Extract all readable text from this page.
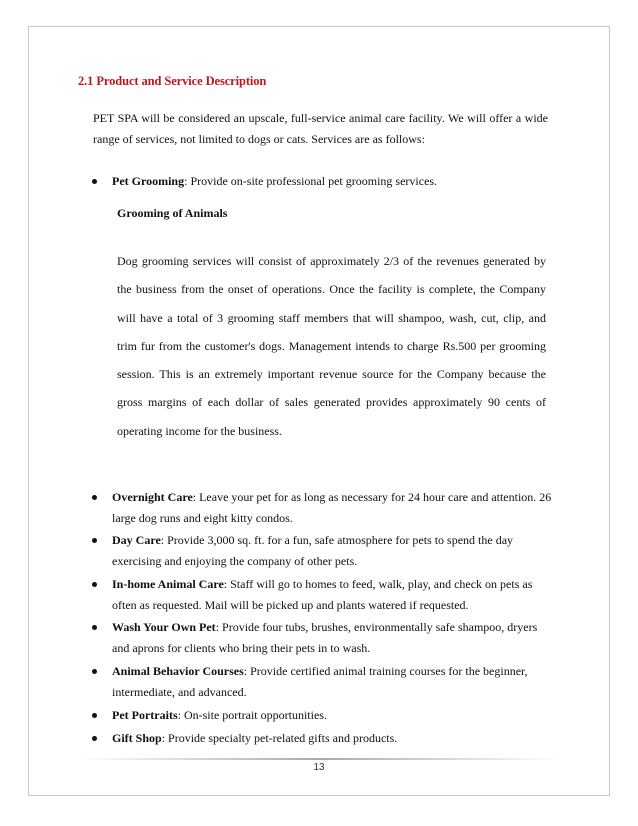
2.1 Product and Service Description
PET SPA will be considered an upscale, full-service animal care facility. We will offer a wide range of services, not limited to dogs or cats. Services are as follows:
Pet Grooming: Provide on-site professional pet grooming services.
Grooming of Animals

Dog grooming services will consist of approximately 2/3 of the revenues generated by the business from the onset of operations. Once the facility is complete, the Company will have a total of 3 grooming staff members that will shampoo, wash, cut, clip, and trim fur from the customer's dogs. Management intends to charge Rs.500 per grooming session. This is an extremely important revenue source for the Company because the gross margins of each dollar of sales generated provides approximately 90 cents of operating income for the business.

Overnight Care: Leave your pet for as long as necessary for 24 hour care and attention. 26 large dog runs and eight kitty condos.
Day Care: Provide 3,000 sq. ft. for a fun, safe atmosphere for pets to spend the day exercising and enjoying the company of other pets.
In-home Animal Care: Staff will go to homes to feed, walk, play, and check on pets as often as requested. Mail will be picked up and plants watered if requested.
Wash Your Own Pet: Provide four tubs, brushes, environmentally safe shampoo, dryers and aprons for clients who bring their pets in to wash.
Animal Behavior Courses: Provide certified animal training courses for the beginner, intermediate, and advanced.
Pet Portraits: On-site portrait opportunities.
Gift Shop: Provide specialty pet-related gifts and products.
13
